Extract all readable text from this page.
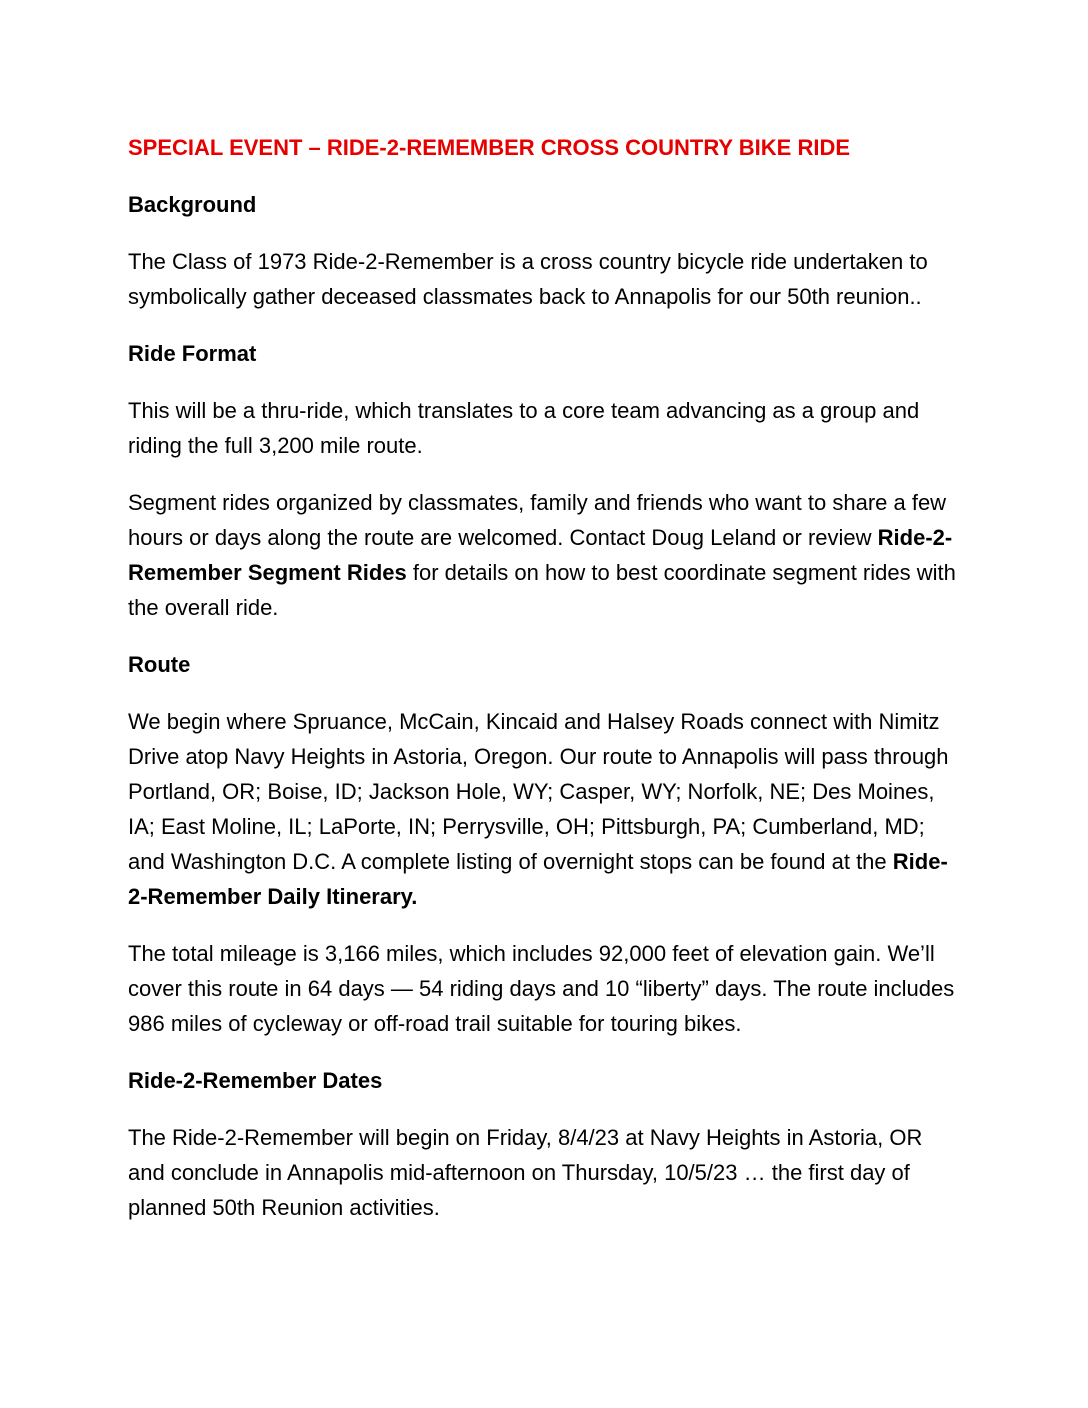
SPECIAL EVENT – RIDE-2-REMEMBER CROSS COUNTRY BIKE RIDE
Background

The Class of 1973 Ride-2-Remember is a cross country bicycle ride undertaken to symbolically gather deceased classmates back to Annapolis for our 50th reunion..

Ride Format

This will be a thru-ride, which translates to a core team advancing as a group and riding the full 3,200 mile route.

Segment rides organized by classmates, family and friends who want to share a few hours or days along the route are welcomed. Contact Doug Leland or review Ride-2-Remember Segment Rides for details on how to best coordinate segment rides with the overall ride.

Route

We begin where Spruance, McCain, Kincaid and Halsey Roads connect with Nimitz Drive atop Navy Heights in Astoria, Oregon. Our route to Annapolis will pass through Portland, OR; Boise, ID; Jackson Hole, WY; Casper, WY; Norfolk, NE; Des Moines, IA; East Moline, IL; LaPorte, IN; Perrysville, OH; Pittsburgh, PA; Cumberland, MD; and Washington D.C. A complete listing of overnight stops can be found at the Ride-2-Remember Daily Itinerary.

The total mileage is 3,166 miles, which includes 92,000 feet of elevation gain. We’ll cover this route in 64 days — 54 riding days and 10 “liberty” days. The route includes 986 miles of cycleway or off-road trail suitable for touring bikes.

Ride-2-Remember Dates

The Ride-2-Remember will begin on Friday, 8/4/23 at Navy Heights in Astoria, OR and conclude in Annapolis mid-afternoon on Thursday, 10/5/23 … the first day of planned 50th Reunion activities.
